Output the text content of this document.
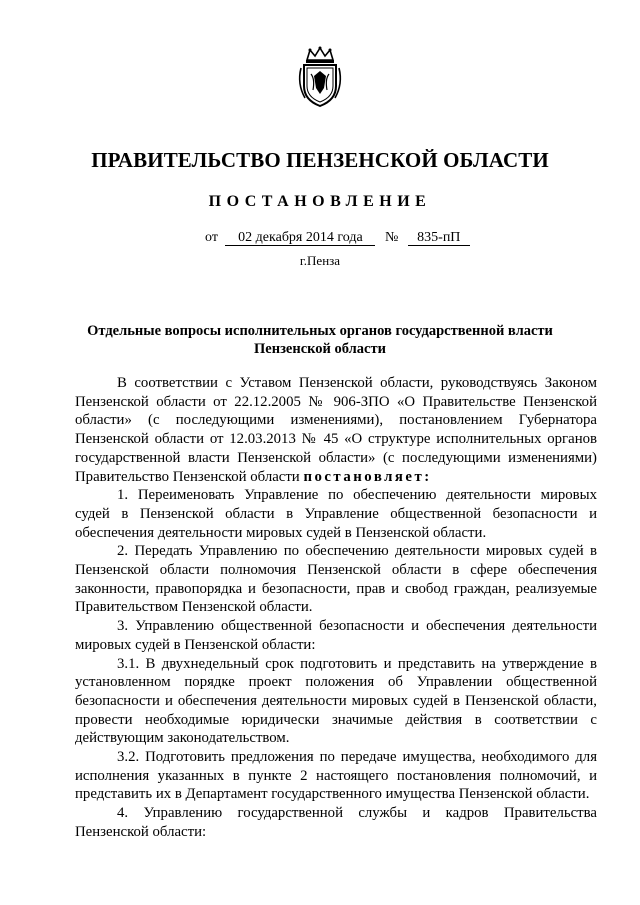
ПРАВИТЕЛЬСТВО ПЕНЗЕНСКОЙ ОБЛАСТИ
ПОСТАНОВЛЕНИЕ
от 02 декабря 2014 года № 835-пП
г.Пенза
Отдельные вопросы исполнительных органов государственной власти
Пензенской области

В соответствии с Уставом Пензенской области, руководствуясь Законом Пензенской области от 22.12.2005 № 906-ЗПО «О Правительстве Пензенской области» (с последующими изменениями), постановлением Губернатора Пензенской области от 12.03.2013 № 45 «О структуре исполнительных органов государственной власти Пензенской области» (с последующими изменениями) Правительство Пензенской области постановляет:

1. Переименовать Управление по обеспечению деятельности мировых судей в Пензенской области в Управление общественной безопасности и обеспечения деятельности мировых судей в Пензенской области.

2. Передать Управлению по обеспечению деятельности мировых судей в Пензенской области полномочия Пензенской области в сфере обеспечения законности, правопорядка и безопасности, прав и свобод граждан, реализуемые Правительством Пензенской области.

3. Управлению общественной безопасности и обеспечения деятельности мировых судей в Пензенской области:

3.1. В двухнедельный срок подготовить и представить на утверждение в установленном порядке проект положения об Управлении общественной безопасности и обеспечения деятельности мировых судей в Пензенской области, провести необходимые юридически значимые действия в соответствии с действующим законодательством.

3.2. Подготовить предложения по передаче имущества, необходимого для исполнения указанных в пункте 2 настоящего постановления полномочий, и представить их в Департамент государственного имущества Пензенской области.

4. Управлению государственной службы и кадров Правительства Пензенской области:
